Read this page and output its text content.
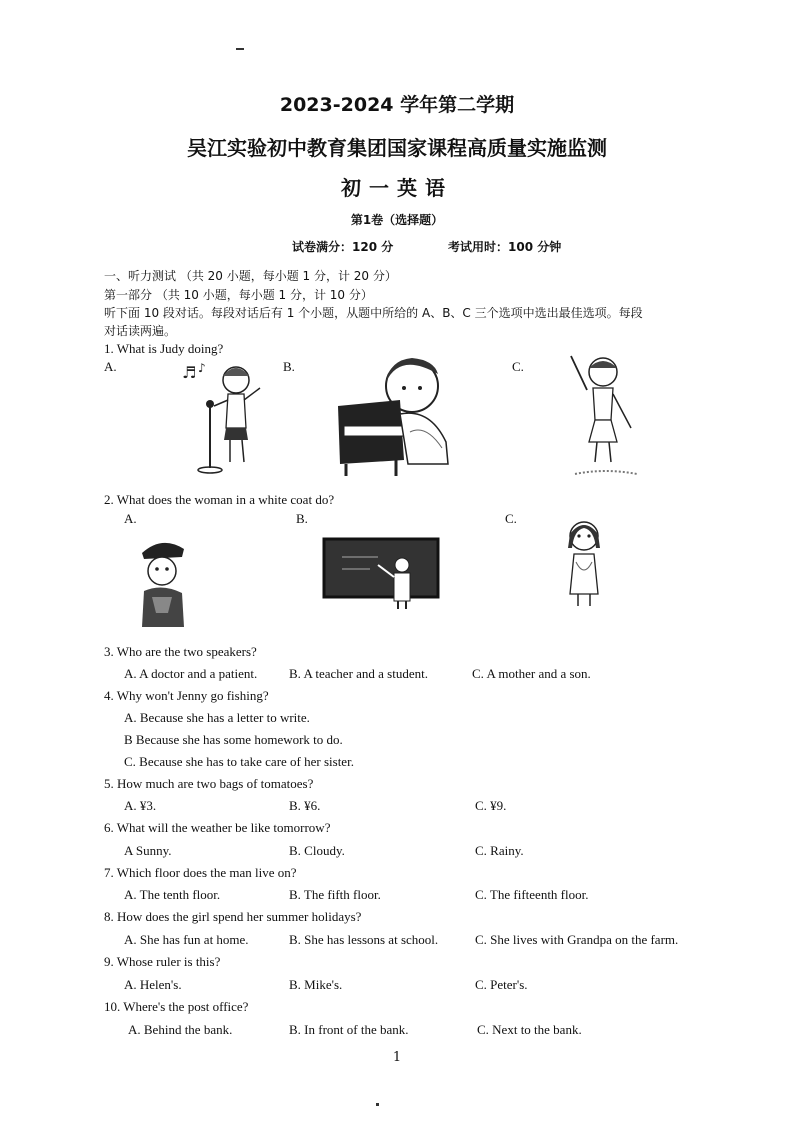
2023-2024 学年第二学期
吴江实验初中教育集团国家课程高质量实施监测
初一英语
第1卷（选择题）
试卷满分：120 分	考试用时：100 分钟
一、听力测试 （共 20 小题，每小题 1 分，计 20 分）
第一部分 （共 10 小题，每小题 1 分，计 10 分）
听下面 10 段对话。每段对话后有 1 个小题，从题中所给的 A、B、C 三个选项中选出最佳选项。每段
对话读两遍。
1. What is Judy doing?
A.	B.	C.
♬ ♪
2. What does the woman in a white coat do?
A.	B.	C.
3. Who are the two speakers?
A. A doctor and a patient. B. A teacher and a student.	C. A mother and a son.
4. Why won't Jenny go fishing?
A. Because she has a letter to write.
B Because she has some homework to do.
C. Because she has to take care of her sister.
5. How much are two bags of tomatoes?
A. ¥3.	B. ¥6.	C. ¥9.
6. What will the weather be like tomorrow?
A Sunny.	B. Cloudy.	C. Rainy.
7. Which floor does the man live on?
A. The tenth floor.	B. The fifth floor.	C. The fifteenth floor.
8. How does the girl spend her summer holidays?
A. She has fun at home.	B. She has lessons at school.	C. She lives with Grandpa on the farm.
9. Whose ruler is this?
A. Helen's.	B. Mike's.	C. Peter's.
10. Where's the post office?
A. Behind the bank.	B. In front of the bank.	C. Next to the bank.
1
